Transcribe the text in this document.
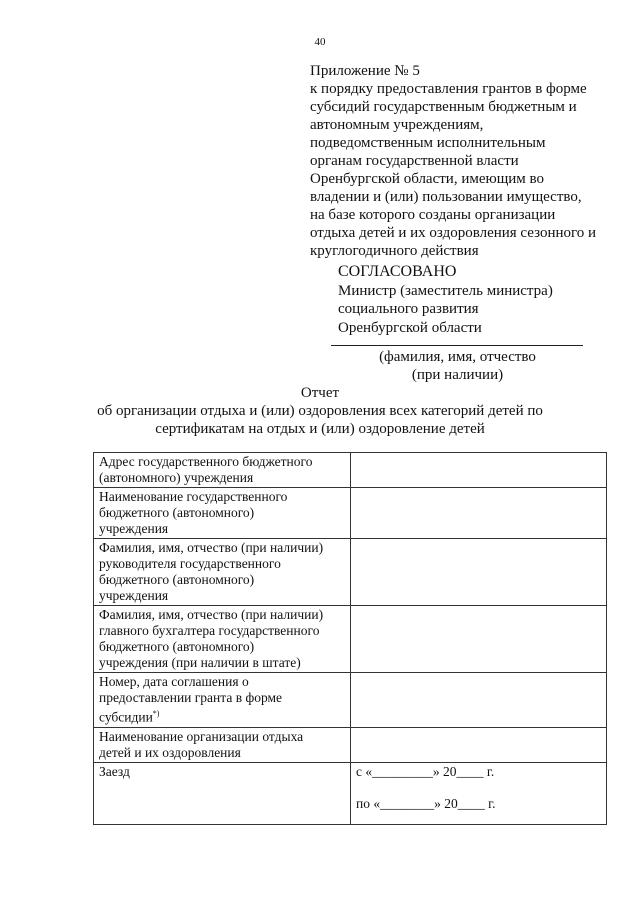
40
Приложение № 5
к порядку предоставления грантов в форме
субсидий государственным бюджетным и
автономным учреждениям,
подведомственным исполнительным
органам государственной власти
Оренбургской области, имеющим во
владении и (или) пользовании имущество,
на базе которого созданы организации
отдыха детей и их оздоровления сезонного и
круглогодичного действия
СОГЛАСОВАНО
Министр (заместитель министра)
социального развития
Оренбургской области
(фамилия, имя, отчество
(при наличии)
Отчет
об организации отдыха и (или) оздоровления всех категорий детей по
сертификатам на отдых и (или) оздоровление детей
Адрес государственного бюджетного
(автономного) учреждения	

Наименование государственного
бюджетного (автономного)
учреждения	

Фамилия, имя, отчество (при наличии)
руководителя государственного
бюджетного (автономного)
учреждения	

Фамилия, имя, отчество (при наличии)
главного бухгалтера государственного
бюджетного (автономного)
учреждения (при наличии в штате)	

Номер, дата соглашения о
предоставлении гранта в форме
субсидии*)

Наименование организации отдыха
детей и их оздоровления	

Заезд	с «_________» 20____ г.
по «________» 20____ г.
